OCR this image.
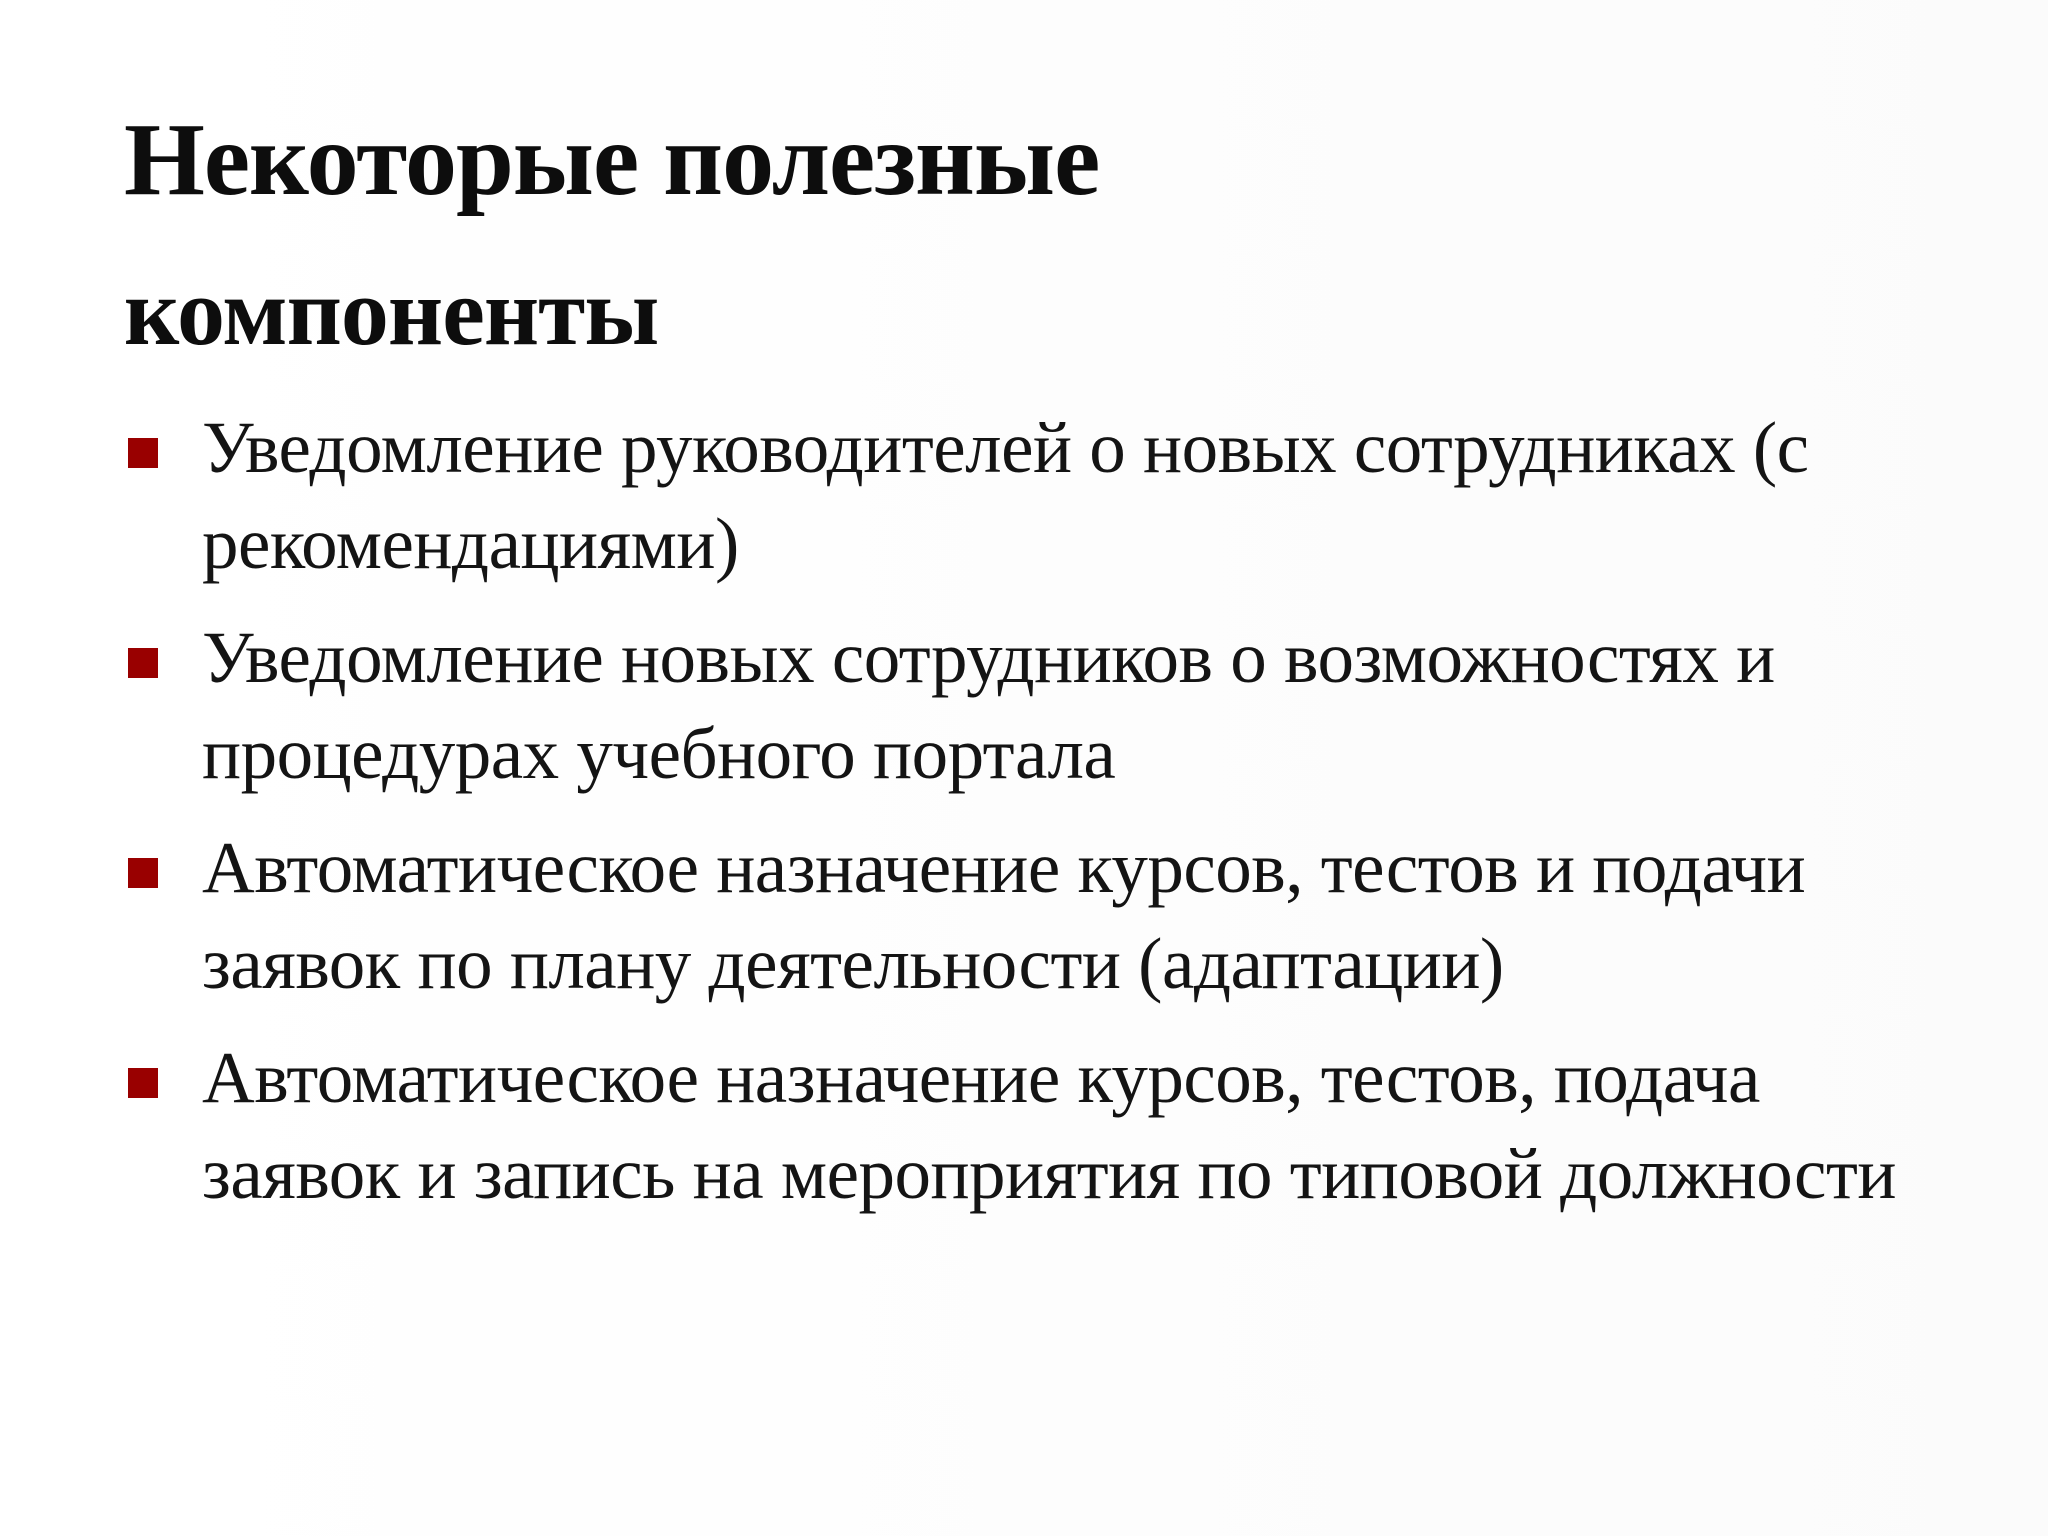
Некоторые полезные
компоненты
Уведомление руководителей о новых сотрудниках (с рекомендациями)
Уведомление новых сотрудников о возможностях и процедурах учебного портала
Автоматическое назначение курсов, тестов и подачи заявок по плану деятельности (адаптации)
Автоматическое назначение курсов, тестов, подача заявок и запись на мероприятия по типовой должности
